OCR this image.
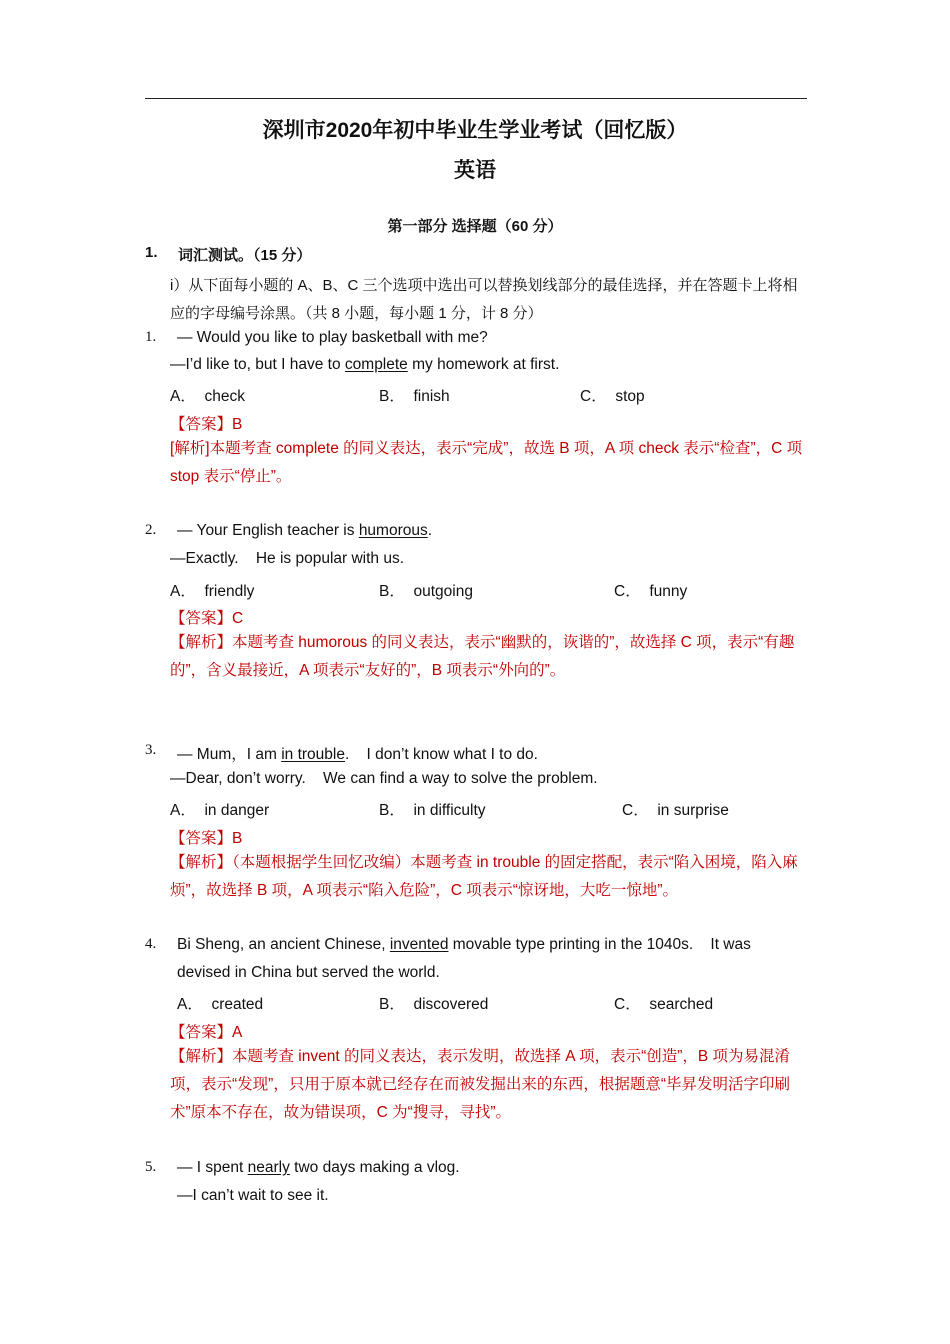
深圳市2020年初中毕业生学业考试（回忆版）
英语
第一部分 选择题（60 分）
1. 词汇测试。（15 分）
i）从下面每小题的 A、B、C 三个选项中选出可以替换划线部分的最佳选择，并在答题卡上将相应的字母编号涂黑。（共 8 小题，每小题 1 分，计 8 分）
1. — Would you like to play basketball with me?
—I’d like to, but I have to complete my homework at first.
A． check	B． finish	C． stop
【答案】B
[解析]本题考查 complete 的同义表达，表示“完成”，故选 B 项，A 项 check 表示“检查”，C 项 stop 表示“停止”。
2. — Your English teacher is humorous.
—Exactly.    He is popular with us.
A． friendly	B． outgoing	C． funny
【答案】C
【解析】本题考查 humorous 的同义表达，表示“幽默的，诙谐的”，故选择 C 项，表示“有趣的”，含义最接近，A 项表示“友好的”，B 项表示“外向的”。
3. — Mum，I am in trouble.    I don’t know what I to do.
—Dear, don’t worry.    We can find a way to solve the problem.
A． in danger	B． in difficulty	C． in surprise
【答案】B
【解析】（本题根据学生回忆改编）本题考查 in trouble 的固定搭配，表示“陷入困境，陷入麻烦”，故选择 B 项，A 项表示“陷入危险”，C 项表示“惊讶地，大吃一惊地”。
4. Bi Sheng, an ancient Chinese, invented movable type printing in the 1040s.    It was
devised in China but served the world.
A． created	B． discovered	C． searched
【答案】A
【解析】本题考查 invent 的同义表达，表示发明，故选择 A 项，表示“创造”，B 项为易混淆项，表示“发现”，只用于原本就已经存在而被发掘出来的东西，根据题意“毕昇发明活字印刷术”原本不存在，故为错误项，C 为“搜寻，寻找”。
5. — I spent nearly two days making a vlog.
—I can’t wait to see it.
